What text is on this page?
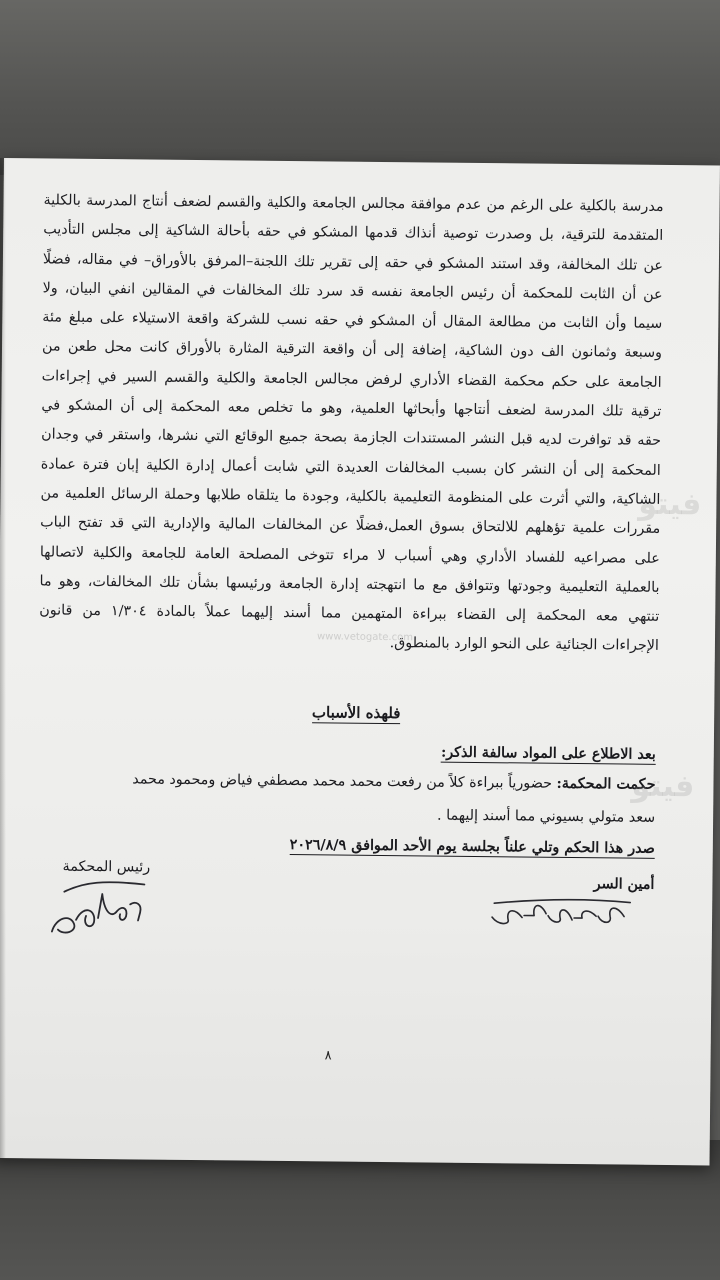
مدرسة بالكلية على الرغم من عدم موافقة مجالس الجامعة والكلية والقسم لضعف أنتاج المدرسة بالكلية
المتقدمة للترقية، بل وصدرت توصية أنذاك قدمها المشكو في حقه بأحالة الشاكية إلى مجلس التأديب
عن تلك المخالفة، وقد استند المشكو في حقه إلى تقرير تلك اللجنة–المرفق بالأوراق– في مقاله، فضلًا
عن أن الثابت للمحكمة أن رئيس الجامعة نفسه قد سرد تلك المخالفات في المقالين انفي البيان، ولا
سيما وأن الثابت من مطالعة المقال أن المشكو في حقه نسب للشركة واقعة الاستيلاء على مبلغ مئة
وسبعة وثمانون الف دون الشاكية، إضافة إلى أن واقعة الترقية المثارة بالأوراق كانت محل طعن من
الجامعة على حكم محكمة القضاء الأداري لرفض مجالس الجامعة والكلية والقسم السير في إجراءات
ترقية تلك المدرسة لضعف أنتاجها وأبحاثها العلمية، وهو ما تخلص معه المحكمة إلى أن المشكو في
حقه قد توافرت لديه قبل النشر المستندات الجازمة بصحة جميع الوقائع التي نشرها، واستقر في وجدان
المحكمة إلى أن النشر كان بسبب المخالفات العديدة التي شابت أعمال إدارة الكلية إبان فترة عمادة
الشاكية، والتي أثرت على المنظومة التعليمية بالكلية، وجودة ما يتلقاه طلابها وحملة الرسائل العلمية من
مقررات علمية تؤهلهم للالتحاق بسوق العمل،فضلًا عن المخالفات المالية والإدارية التي قد تفتح الباب
على مصراعيه للفساد الأداري وهي أسباب لا مراء تتوخى المصلحة العامة للجامعة والكلية لاتصالها
بالعملية التعليمية وجودتها وتتوافق مع ما انتهجته إدارة الجامعة ورئيسها بشأن تلك المخالفات، وهو ما
تنتهي معه المحكمة إلى القضاء ببراءة المتهمين مما أسند إليهما عملاً بالمادة ١/٣٠٤ من قانون
الإجراءات الجنائية على النحو الوارد بالمنطوق.
فلهذه الأسباب
بعد الاطلاع على المواد سالفة الذكر:
حكمت المحكمة: حضورياً ببراءة كلاً من رفعت محمد محمد مصطفي فياض ومحمود محمد
سعد متولي بسيوني مما أسند إليهما .
صدر هذا الحكم وتلي علناً بجلسة يوم الأحد الموافق ٢٠٢٦/٨/٩
أمين السر
رئيس المحكمة
٨
فيتو
فيتو
www.vetogate.com
